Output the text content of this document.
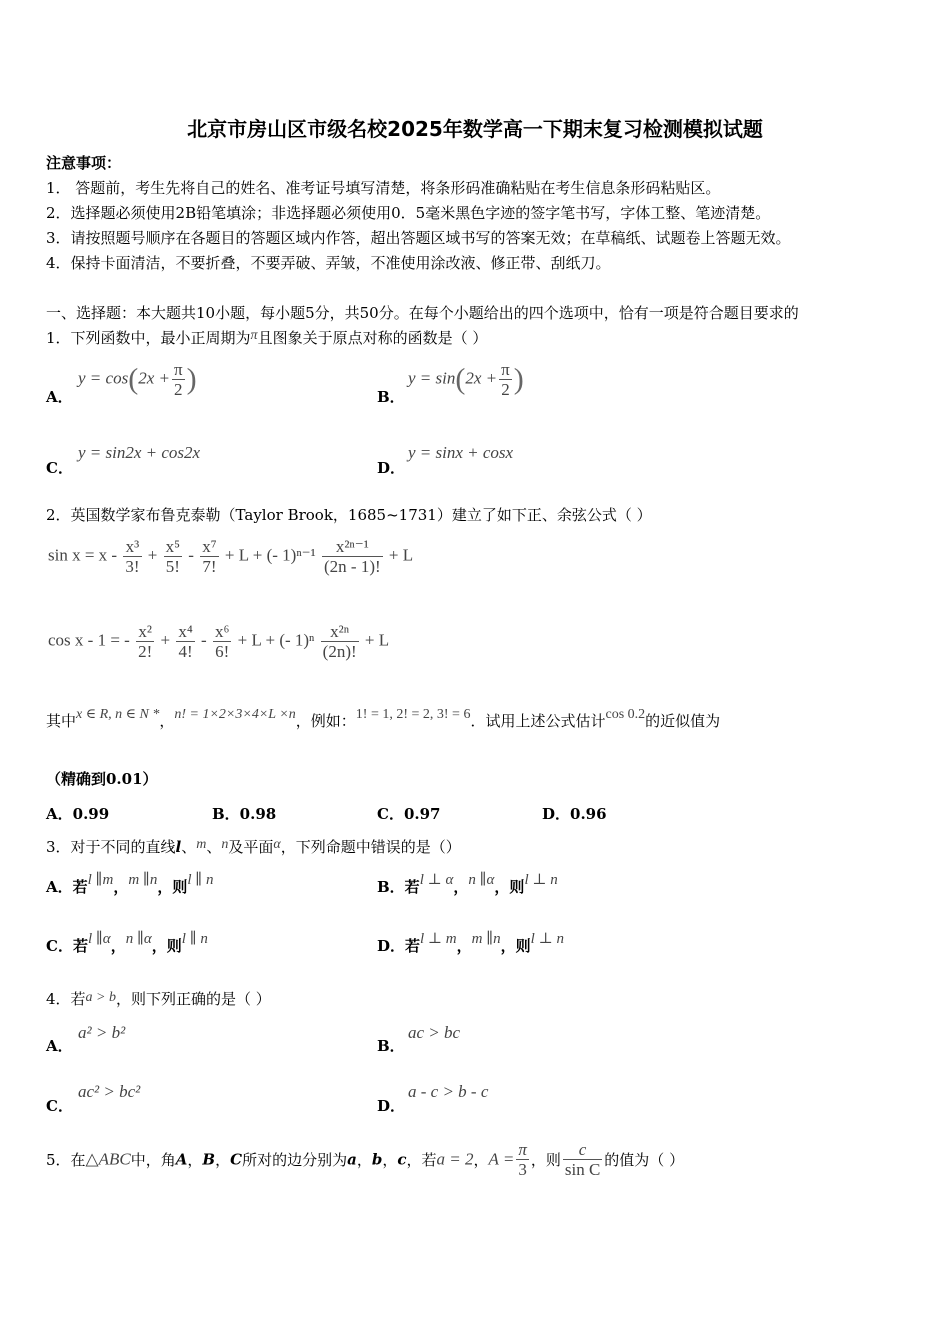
北京市房山区市级名校2025年数学高一下期末复习检测模拟试题
注意事项：
1． 答题前，考生先将自己的姓名、准考证号填写清楚，将条形码准确粘贴在考生信息条形码粘贴区。
2．选择题必须使用2B铅笔填涂；非选择题必须使用0．5毫米黑色字迹的签字笔书写，字体工整、笔迹清楚。
3．请按照题号顺序在各题目的答题区域内作答，超出答题区域书写的答案无效；在草稿纸、试题卷上答题无效。
4．保持卡面清洁，不要折叠，不要弄破、弄皱，不准使用涂改液、修正带、刮纸刀。
一、选择题：本大题共10小题，每小题5分，共50分。在每个小题给出的四个选项中，恰有一项是符合题目要求的
1．下列函数中，最小正周期为π且图象关于原点对称的函数是（ ）
A．
$y = \cos(2x + \frac{\pi}{2}$ )
B．
$y = \sin(2x + \frac{\pi}{2}$ )
C．
y = sin2x + cos2x
D．
y = sinx + cosx
2．英国数学家布鲁克泰勒（Taylor Brook，1685~1731）建立了如下正、余弦公式（ ）
$\sin x = x - \frac{\text{x³}}{3!} + \frac{\text{x⁵}}{5!} - \frac{\text{x⁷}}{7!} + L$ + (- $1)^{n-1} \frac{\text{x²ⁿ⁻¹}}{(2n - 1)!} + L$
cos x - 1 = - $\frac{\text{x²}}{2!} + \frac{\text{x⁴}}{4!} - \frac{\text{x⁶}}{6!} + L$ + (- $1)^n \frac{\text{x²ⁿ}}{(2n)!} + L$
其中x ∈ R, n ∈ N *，n! = 1×2×3×4×L ×n，例如：1! = 1, 2! = 2, 3! = 6．试用上述公式估计cos 0.2的近似值为
（精确到0.01）
A．0.99	B．0.98	C．0.97	D．0.96
3．对于不同的直线l、m、n及平面α，下列命题中错误的是（）
A．若l ∥m，m ∥n，则l ∥ n	B．若l ⊥ α，n ∥α，则l ⊥ n
C．若l ∥α，n ∥α，则l ∥ n	D．若l ⊥ m，m ∥n，则l ⊥ n
4．若a > b，则下列正确的是（ ）
A．
a² > b²
B．
ac > bc
C．
ac² > bc²
D．
a - c > b - c
5．在△ABC中，角A，B，C所对的边分别为a，b，c，若a = 2，$A = \frac{\pi}{3}$ ，则 $\frac{c}{\text{sin C}}$ 的值为（ ）
